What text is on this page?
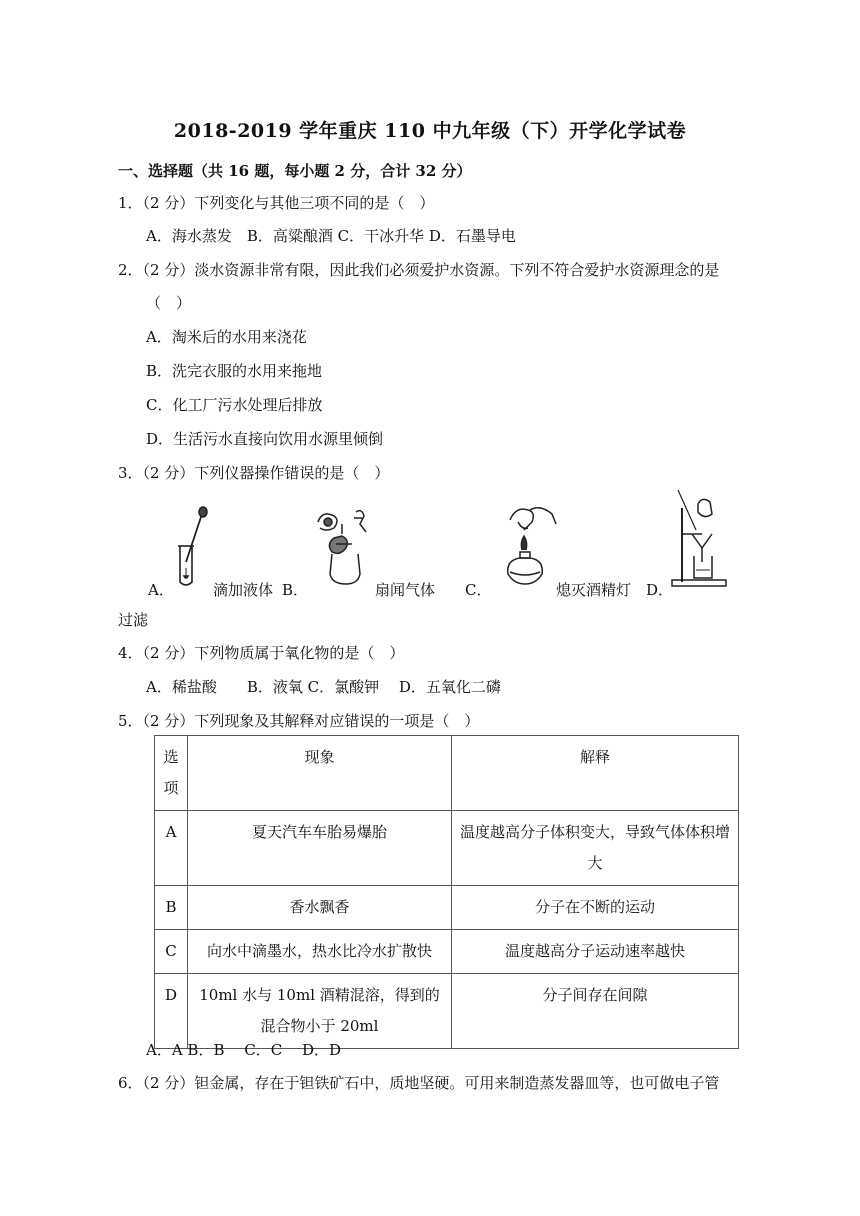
2018-2019 学年重庆 110 中九年级（下）开学化学试卷
一、选择题（共 16 题，每小题 2 分，合计 32 分）
1．（2 分）下列变化与其他三项不同的是（　）
A．海水蒸发　B．高粱酿酒 C．干冰升华 D．石墨导电
2．（2 分）淡水资源非常有限，因此我们必须爱护水资源。下列不符合爱护水资源理念的是
（　）
A．淘米后的水用来浇花
B．洗完衣服的水用来拖地
C．化工厂污水处理后排放
D．生活污水直接向饮用水源里倾倒
3．（2 分）下列仪器操作错误的是（　）
A．	滴加液体 B．	扇闻气体 C．	熄灭酒精灯 D．
过滤
4．（2 分）下列物质属于氧化物的是（　）
A．稀盐酸　　B．液氧 C．氯酸钾　 D．五氧化二磷
5．（2 分）下列现象及其解释对应错误的一项是（　）
选项	现象	解释
A	夏天汽车车胎易爆胎	温度越高分子体积变大，导致气体体积增大
B	香水飘香	分子在不断的运动
C	向水中滴墨水，热水比冷水扩散快	温度越高分子运动速率越快
D	10ml 水与 10ml 酒精混溶，得到的混合物小于 20ml	分子间存在间隙
A．A B．B　 C．C　 D．D
6．（2 分）钽金属，存在于钽铁矿石中，质地坚硬。可用来制造蒸发器皿等，也可做电子管
